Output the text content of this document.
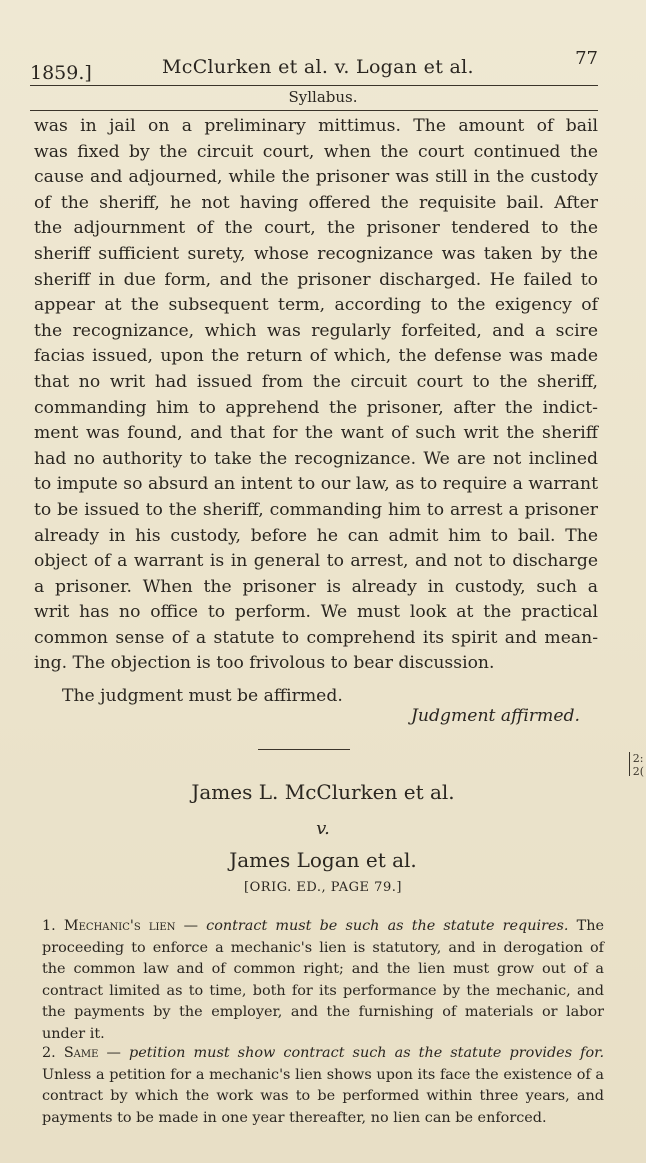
1859.]	McClurken et al. v. Logan et al.	77
Syllabus.

was in jail on a preliminary mittimus. The amount of bail

was fixed by the circuit court, when the court continued the

cause and adjourned, while the prisoner was still in the custody

of the sheriff, he not having offered the requisite bail. After

the adjournment of the court, the prisoner tendered to the

sheriff sufficient surety, whose recognizance was taken by the

sheriff in due form, and the prisoner discharged. He failed to

appear at the subsequent term, according to the exigency of

the recognizance, which was regularly forfeited, and a scire

facias issued, upon the return of which, the defense was made

that no writ had issued from the circuit court to the sheriff,

commanding him to apprehend the prisoner, after the indict-

ment was found, and that for the want of such writ the sheriff

had no authority to take the recognizance. We are not inclined

to impute so absurd an intent to our law, as to require a warrant

to be issued to the sheriff, commanding him to arrest a prisoner

already in his custody, before he can admit him to bail. The

object of a warrant is in general to arrest, and not to discharge

a prisoner. When the prisoner is already in custody, such a

writ has no office to perform. We must look at the practical

common sense of a statute to comprehend its spirit and mean-

ing. The objection is too frivolous to bear discussion.

The judgment must be affirmed.
Judgment affirmed.
James L. McClurken et al.
v.
James Logan et al.
[ORIG. ED., PAGE 79.]
1. Mechanic's lien — contract must be such as the statute requires. The proceeding to enforce a mechanic's lien is statutory, and in derogation of the common law and of common right; and the lien must grow out of a contract limited as to time, both for its performance by the mechanic, and the payments by the employer, and the furnishing of materials or labor under it.
2. Same — petition must show contract such as the statute provides for. Unless a petition for a mechanic's lien shows upon its face the existence of a contract by which the work was to be performed within three years, and payments to be made in one year thereafter, no lien can be enforced.
2:
2(
